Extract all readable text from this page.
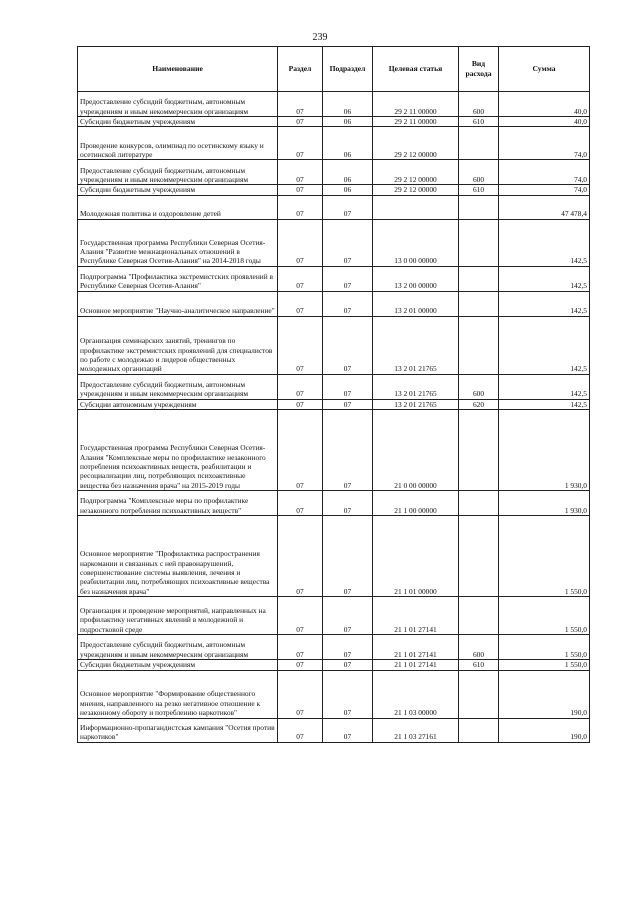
239
Наименование	Раздел	Подраздел	Целевая статья	Вид расхода	Сумма
Предоставление субсидий бюджетным, автономным учреждениям и иным некоммерческим организациям	07	06	29 2 11 00000	600	40,0
Субсидии бюджетным учреждениям	07	06	29 2 11 00000	610	40,0
Проведение конкурсов, олимпиад по осетинскому языку и осетинской литературе	07	06	29 2 12 00000		74,0
Предоставление субсидий бюджетным, автономным учреждениям и иным некоммерческим организациям	07	06	29 2 12 00000	600	74,0
Субсидии бюджетным учреждениям	07	06	29 2 12 00000	610	74,0
Молодежная политика и оздоровление детей	07	07			47 478,4
Государственная программа Республики Северная Осетия-Алания "Развитие межнациональных отношений в Республике Северная Осетия-Алания" на 2014-2018 годы	07	07	13 0 00 00000		142,5
Подпрограмма "Профилактика экстремистских проявлений в Республике Северная Осетия-Алания"	07	07	13 2 00 00000		142,5
Основное мероприятие "Научно-аналитическое направление"	07	07	13 2 01 00000		142,5
Организация семинарских занятий, тренингов по профилактике экстремистских проявлений для специалистов по работе с молодежью и лидеров общественных молодежных организаций	07	07	13 2 01 21765		142,5
Предоставление субсидий бюджетным, автономным учреждениям и иным некоммерческим организациям	07	07	13 2 01 21765	600	142,5
Субсидии автономным учреждениям	07	07	13 2 01 21765	620	142,5
Государственная программа Республики Северная Осетия-Алания "Комплексные меры по профилактике незаконного потребления психоактивных веществ, реабилитации и ресоциализации лиц, потребляющих психоактивные вещества без назначения врача" на 2015-2019 годы	07	07	21 0 00 00000		1 930,0
Подпрограмма "Комплексные меры по профилактике незаконного потребления психоактивных веществ"	07	07	21 1 00 00000		1 930,0
Основное мероприятие "Профилактика распространения наркомании и связанных с ней правонарушений, совершенствование системы выявления, лечения и реабилитации лиц, потребляющих психоактивные вещества без назначения врача"	07	07	21 1 01 00000		1 550,0
Организация и проведение мероприятий, направленных на профилактику негативных явлений в молодежной и подростковой среде	07	07	21 1 01 27141		1 550,0
Предоставление субсидий бюджетным, автономным учреждениям и иным некоммерческим организациям	07	07	21 1 01 27141	600	1 550,0
Субсидии бюджетным учреждениям	07	07	21 1 01 27141	610	1 550,0
Основное мероприятие "Формирование общественного мнения, направленного на резко негативное отношение к незаконному обороту и потреблению наркотиков"	07	07	21 1 03 00000		190,0
Информационно-пропагандистская кампания "Осетия против наркотиков"	07	07	21 1 03 27161		190,0
